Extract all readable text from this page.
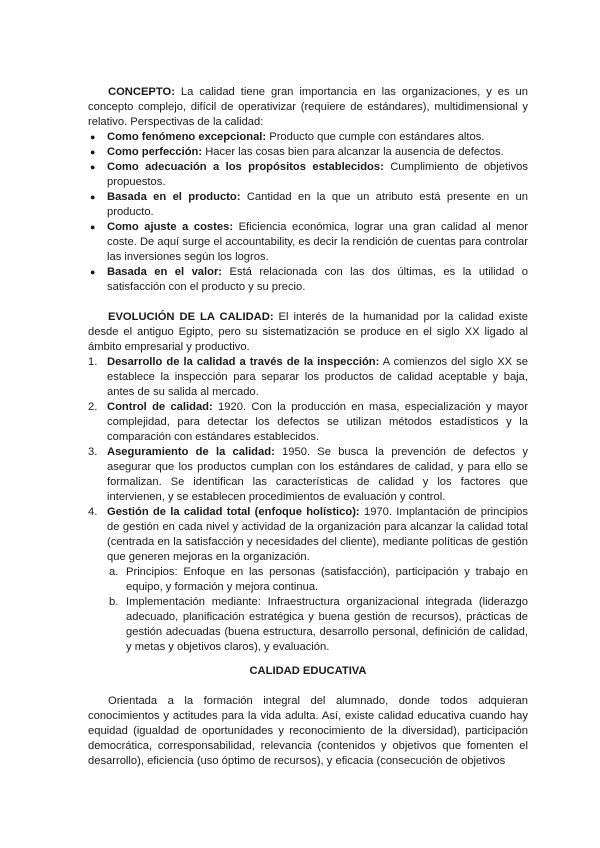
CONCEPTO: La calidad tiene gran importancia en las organizaciones, y es un concepto complejo, difícil de operativizar (requiere de estándares), multidimensional y relativo. Perspectivas de la calidad:

● Como fenómeno excepcional: Producto que cumple con estándares altos.
● Como perfección: Hacer las cosas bien para alcanzar la ausencia de defectos.
● Como adecuación a los propósitos establecidos: Cumplimiento de objetivos propuestos.
● Basada en el producto: Cantidad en la que un atributo está presente en un producto.
● Como ajuste a costes: Eficiencia económica, lograr una gran calidad al menor coste. De aquí surge el accountability, es decir la rendición de cuentas para controlar las inversiones según los logros.
● Basada en el valor: Está relacionada con las dos últimas, es la utilidad o satisfacción con el producto y su precio.

EVOLUCIÓN DE LA CALIDAD: El interés de la humanidad por la calidad existe desde el antiguo Egipto, pero su sistematización se produce en el siglo XX ligado al ámbito empresarial y productivo.

1. Desarrollo de la calidad a través de la inspección: A comienzos del siglo XX se establece la inspección para separar los productos de calidad aceptable y baja, antes de su salida al mercado.
2. Control de calidad: 1920. Con la producción en masa, especialización y mayor complejidad, para detectar los defectos se utilizan métodos estadísticos y la comparación con estándares establecidos.
3. Aseguramiento de la calidad: 1950. Se busca la prevención de defectos y asegurar que los productos cumplan con los estándares de calidad, y para ello se formalizan. Se identifican las características de calidad y los factores que intervienen, y se establecen procedimientos de evaluación y control.
4. Gestión de la calidad total (enfoque holístico): 1970. Implantación de principios de gestión en cada nivel y actividad de la organización para alcanzar la calidad total (centrada en la satisfacción y necesidades del cliente), mediante políticas de gestión que generen mejoras en la organización.
a. Principios: Enfoque en las personas (satisfacción), participación y trabajo en equipo, y formación y mejora continua.
b. Implementación mediante: Infraestructura organizacional integrada (liderazgo adecuado, planificación estratégica y buena gestión de recursos), prácticas de gestión adecuadas (buena estructura, desarrollo personal, definición de calidad, y metas y objetivos claros), y evaluación.
CALIDAD EDUCATIVA

Orientada a la formación integral del alumnado, donde todos adquieran conocimientos y actitudes para la vida adulta. Así, existe calidad educativa cuando hay equidad (igualdad de oportunidades y reconocimiento de la diversidad), participación democrática, corresponsabilidad, relevancia (contenidos y objetivos que fomenten el desarrollo), eficiencia (uso óptimo de recursos), y eficacia (consecución de objetivos
